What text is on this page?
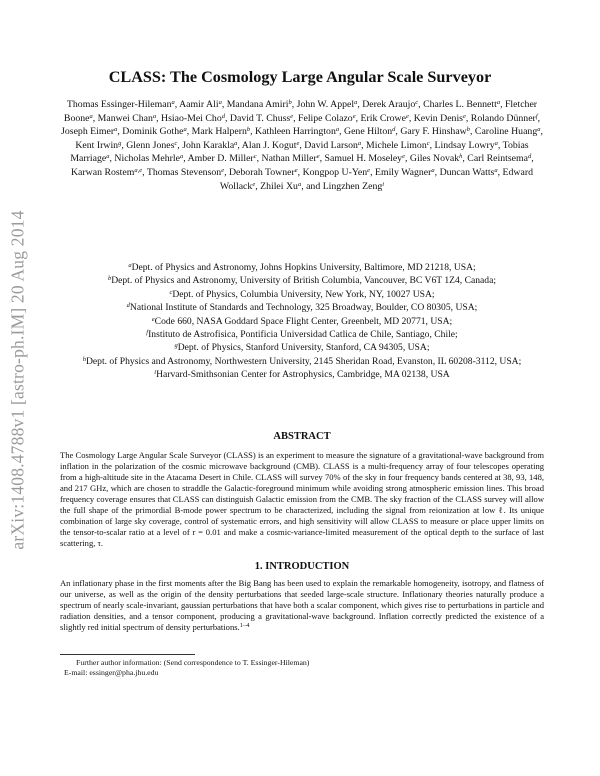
arXiv:1408.4788v1 [astro-ph.IM] 20 Aug 2014
CLASS: The Cosmology Large Angular Scale Surveyor
Thomas Essinger-Hileman$^a$, Aamir Ali$^a$, Mandana Amiri$^b$, John W. Appel$^a$, Derek Araujo$^c$, Charles L. Bennett$^a$, Fletcher Boone$^a$, Manwei Chan$^a$, Hsiao-Mei Cho$^d$, David T. Chuss$^e$, Felipe Colazo$^e$, Erik Crowe$^e$, Kevin Denis$^e$, Rolando Dünner$^f$, Joseph Eimer$^a$, Dominik Gothe$^a$, Mark Halpern$^b$, Kathleen Harrington$^a$, Gene Hilton$^d$, Gary F. Hinshaw$^b$, Caroline Huang$^a$, Kent Irwin$^g$, Glenn Jones$^c$, John Karakla$^a$, Alan J. Kogut$^e$, David Larson$^a$, Michele Limon$^c$, Lindsay Lowry$^a$, Tobias Marriage$^a$, Nicholas Mehrle$^a$, Amber D. Miller$^c$, Nathan Miller$^e$, Samuel H. Moseley$^e$, Giles Novak$^h$, Carl Reintsema$^d$, Karwan Rostem$^{a,e}$, Thomas Stevenson$^e$, Deborah Towner$^e$, Kongpop U-Yen$^e$, Emily Wagner$^a$, Duncan Watts$^a$, Edward Wollack$^e$, Zhilei Xu$^a$, and Lingzhen Zeng$^i$

$^a$Dept. of Physics and Astronomy, Johns Hopkins University, Baltimore, MD 21218, USA;

$^b$Dept. of Physics and Astronomy, University of British Columbia, Vancouver, BC V6T 1Z4, Canada;

$^c$Dept. of Physics, Columbia University, New York, NY, 10027 USA;

$^d$National Institute of Standards and Technology, 325 Broadway, Boulder, CO 80305, USA;

$^e$Code 660, NASA Goddard Space Flight Center, Greenbelt, MD 20771, USA;

$^f$Instituto de Astrofisica, Pontificia Universidad Catlica de Chile, Santiago, Chile;

$^g$Dept. of Physics, Stanford University, Stanford, CA 94305, USA;

$^h$Dept. of Physics and Astronomy, Northwestern University, 2145 Sheridan Road, Evanston, IL 60208-3112, USA;

$^i$Harvard-Smithsonian Center for Astrophysics, Cambridge, MA 02138, USA

ABSTRACT

The Cosmology Large Angular Scale Surveyor (CLASS) is an experiment to measure the signature of a gravitational-wave background from inflation in the polarization of the cosmic microwave background (CMB). CLASS is a multi-frequency array of four telescopes operating from a high-altitude site in the Atacama Desert in Chile. CLASS will survey 70% of the sky in four frequency bands centered at 38, 93, 148, and 217 GHz, which are chosen to straddle the Galactic-foreground minimum while avoiding strong atmospheric emission lines. This broad frequency coverage ensures that CLASS can distinguish Galactic emission from the CMB. The sky fraction of the CLASS survey will allow the full shape of the primordial B-mode power spectrum to be characterized, including the signal from reionization at low ℓ. Its unique combination of large sky coverage, control of systematic errors, and high sensitivity will allow CLASS to measure or place upper limits on the tensor-to-scalar ratio at a level of r = 0.01 and make a cosmic-variance-limited measurement of the optical depth to the surface of last scattering, τ.

1. INTRODUCTION

An inflationary phase in the first moments after the Big Bang has been used to explain the remarkable homogeneity, isotropy, and flatness of our universe, as well as the origin of the density perturbations that seeded large-scale structure. Inflationary theories naturally produce a spectrum of nearly scale-invariant, gaussian perturbations that have both a scalar component, which gives rise to perturbations in particle and radiation densities, and a tensor component, producing a gravitational-wave background. Inflation correctly predicted the existence of a slightly red initial spectrum of density perturbations.$^{1-4}$

Further author information: (Send correspondence to T. Essinger-Hileman)
E-mail: essinger@pha.jhu.edu
